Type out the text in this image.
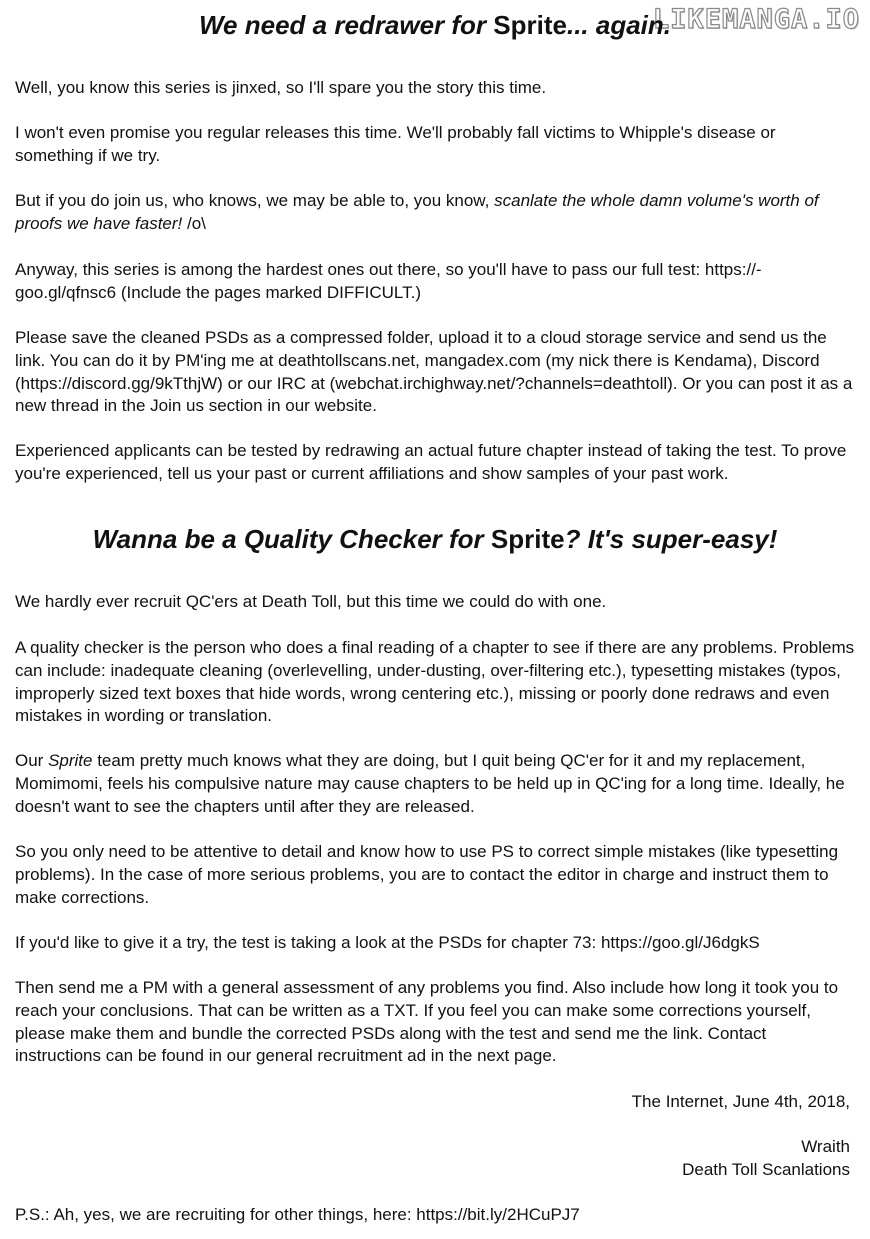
LIKEMANGA.IO
We need a redrawer for Sprite... again.

Well, you know this series is jinxed, so I'll spare you the story this time.

I won't even promise you regular releases this time. We'll probably fall victims to Whipple's disease or something if we try.

But if you do join us, who knows, we may be able to, you know, scanlate the whole damn volume's worth of proofs we have faster! /o\

Anyway, this series is among the hardest ones out there, so you'll have to pass our full test: https://-goo.gl/qfnsc6 (Include the pages marked DIFFICULT.)

Please save the cleaned PSDs as a compressed folder, upload it to a cloud storage service and send us the link. You can do it by PM'ing me at deathtollscans.net, mangadex.com (my nick there is Kendama), Discord (https://discord.gg/9kTthjW) or our IRC at (webchat.irchighway.net/?channels=deathtoll). Or you can post it as a new thread in the Join us section in our website.

Experienced applicants can be tested by redrawing an actual future chapter instead of taking the test. To prove you're experienced, tell us your past or current affiliations and show samples of your past work.

Wanna be a Quality Checker for Sprite? It's super-easy!

We hardly ever recruit QC'ers at Death Toll, but this time we could do with one.

A quality checker is the person who does a final reading of a chapter to see if there are any problems. Problems can include: inadequate cleaning (overlevelling, under-dusting, over-filtering etc.), typesetting mistakes (typos, improperly sized text boxes that hide words, wrong centering etc.), missing or poorly done redraws and even mistakes in wording or translation.

Our Sprite team pretty much knows what they are doing, but I quit being QC'er for it and my replacement, Momimomi, feels his compulsive nature may cause chapters to be held up in QC'ing for a long time. Ideally, he doesn't want to see the chapters until after they are released.

So you only need to be attentive to detail and know how to use PS to correct simple mistakes (like typesetting problems). In the case of more serious problems, you are to contact the editor in charge and instruct them to make corrections.

If you'd like to give it a try, the test is taking a look at the PSDs for chapter 73: https://goo.gl/J6dgkS

Then send me a PM with a general assessment of any problems you find. Also include how long it took you to reach your conclusions. That can be written as a TXT. If you feel you can make some corrections yourself, please make them and bundle the corrected PSDs along with the test and send me the link. Contact instructions can be found in our general recruitment ad in the next page.

The Internet, June 4th, 2018,
Wraith
Death Toll Scanlations

P.S.: Ah, yes, we are recruiting for other things, here: https://bit.ly/2HCuPJ7
